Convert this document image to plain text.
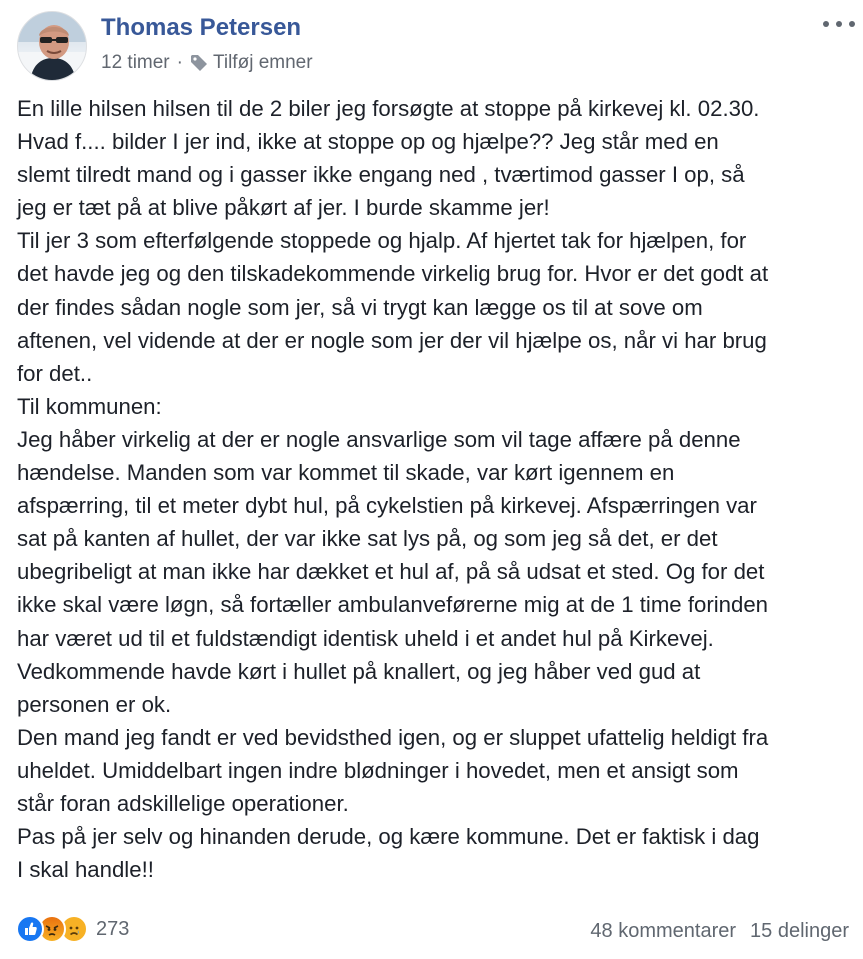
Thomas Petersen
12 timer · Tilføj emner

En lille hilsen hilsen til de 2 biler jeg forsøgte at stoppe på kirkevej kl. 02.30.
Hvad f.... bilder I jer ind, ikke at stoppe op og hjælpe?? Jeg står med en
slemt tilredt mand og i gasser ikke engang ned , tværtimod gasser I op, så
jeg er tæt på at blive påkørt af jer. I burde skamme jer!
Til jer 3 som efterfølgende stoppede og hjalp. Af hjertet tak for hjælpen, for
det havde jeg og den tilskadekommende virkelig brug for. Hvor er det godt at
der findes sådan nogle som jer, så vi trygt kan lægge os til at sove om
aftenen, vel vidende at der er nogle som jer der vil hjælpe os, når vi har brug
for det..
Til kommunen:
Jeg håber virkelig at der er nogle ansvarlige som vil tage affære på denne
hændelse. Manden som var kommet til skade, var kørt igennem en
afspærring, til et meter dybt hul, på cykelstien på kirkevej. Afspærringen var
sat på kanten af hullet, der var ikke sat lys på, og som jeg så det, er det
ubegribeligt at man ikke har dækket et hul af, på så udsat et sted. Og for det
ikke skal være løgn, så fortæller ambulanveførerne mig at de 1 time forinden
har været ud til et fuldstændigt identisk uheld i et andet hul på Kirkevej.
Vedkommende havde kørt i hullet på knallert, og jeg håber ved gud at
personen er ok.
Den mand jeg fandt er ved bevidsthed igen, og er sluppet ufattelig heldigt fra
uheldet. Umiddelbart ingen indre blødninger i hovedet, men et ansigt som
står foran adskillelige operationer.
Pas på jer selv og hinanden derude, og kære kommune. Det er faktisk i dag
I skal handle!!

273	48 kommentarer 15 delinger
